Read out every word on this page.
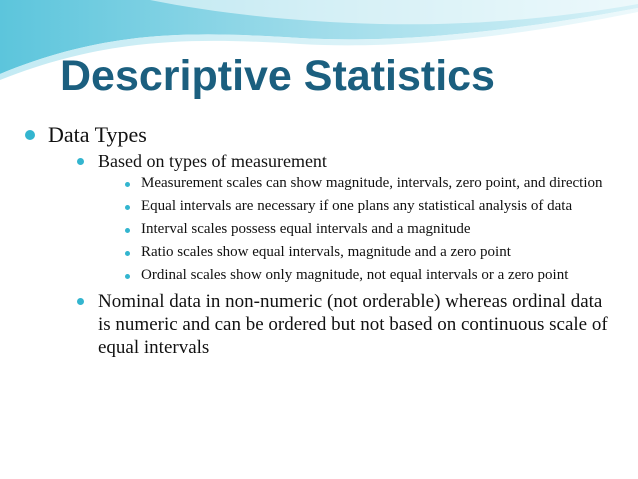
Descriptive Statistics
Data Types
Based on types of measurement
Measurement scales can show magnitude, intervals, zero point, and direction
Equal intervals are necessary if one plans any statistical analysis of data
Interval scales possess equal intervals and a magnitude
Ratio scales show equal intervals, magnitude and a zero point
Ordinal scales show only magnitude, not equal intervals or a zero point
Nominal data in non-numeric (not orderable) whereas ordinal data is numeric and can be ordered but not based on continuous scale of equal intervals
